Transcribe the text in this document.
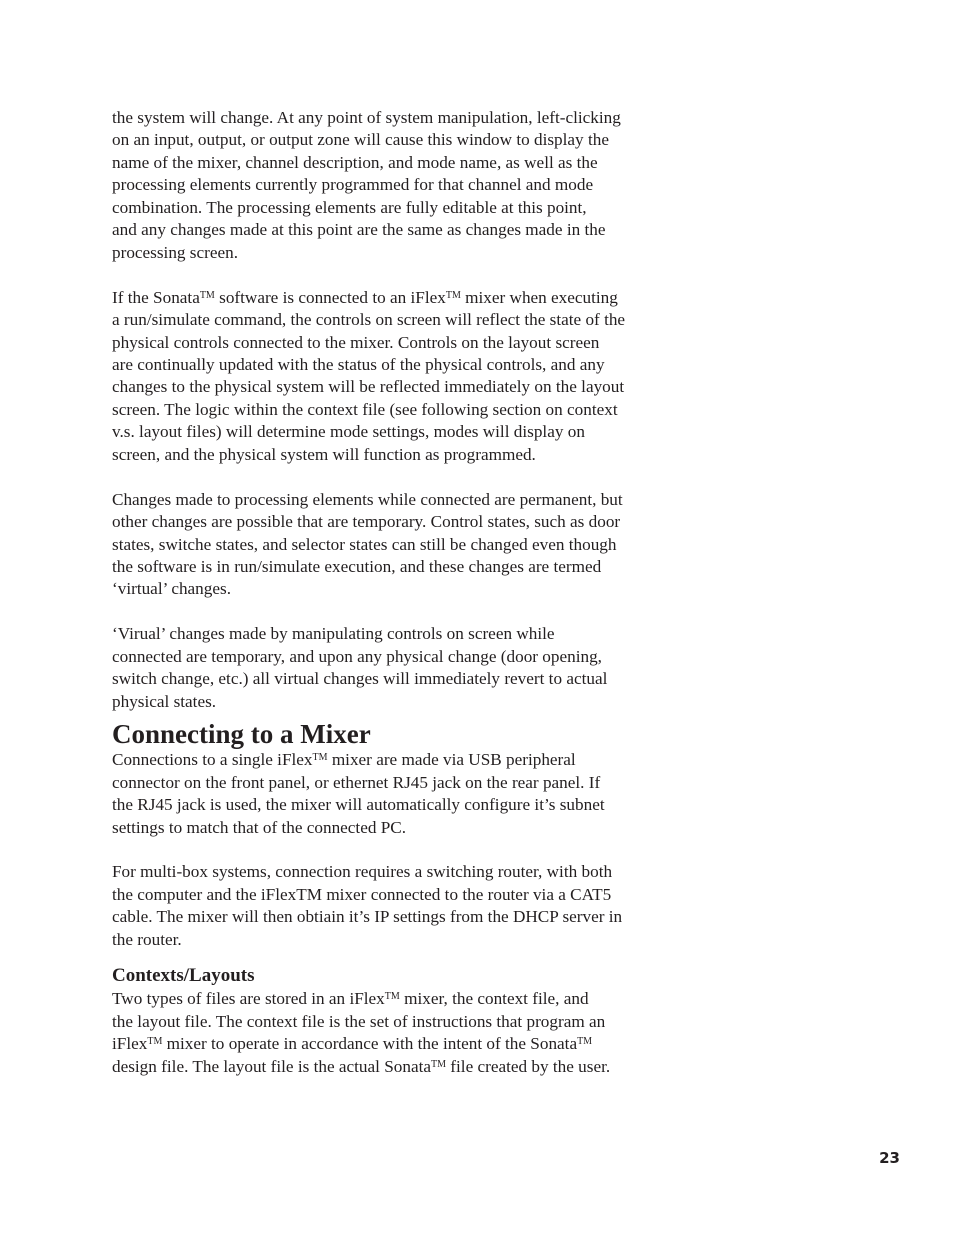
the system will change. At any point of system manipulation, left-clicking
on an input, output, or output zone will cause this window to display the
name of the mixer, channel description, and mode name, as well as the
processing elements currently programmed for that channel and mode
combination. The processing elements are fully editable at this point,
and any changes made at this point are the same as changes made in the
processing screen.
If the Sonata™ software is connected to an iFlex™ mixer when executing
a run/simulate command, the controls on screen will reflect the state of the
physical controls connected to the mixer. Controls on the layout screen
are continually updated with the status of the physical controls, and any
changes to the physical system will be reflected immediately on the layout
screen. The logic within the context file (see following section on context
v.s. layout files) will determine mode settings, modes will display on
screen, and the physical system will function as programmed.
Changes made to processing elements while connected are permanent, but
other changes are possible that are temporary. Control states, such as door
states, switche states, and selector states can still be changed even though
the software is in run/simulate execution, and these changes are termed
‘virtual’ changes.
‘Virual’ changes made by manipulating controls on screen while
connected are temporary, and upon any physical change (door opening,
switch change, etc.) all virtual changes will immediately revert to actual
physical states.
Connecting to a Mixer
Connections to a single iFlex™ mixer are made via USB peripheral
connector on the front panel, or ethernet RJ45 jack on the rear panel. If
the RJ45 jack is used, the mixer will automatically configure it’s subnet
settings to match that of the connected PC.
For multi-box systems, connection requires a switching router, with both
the computer and the iFlexTM mixer connected to the router via a CAT5
cable. The mixer will then obtiain it’s IP settings from the DHCP server in
the router.
Contexts/Layouts
Two types of files are stored in an iFlex™ mixer, the context file, and
the layout file. The context file is the set of instructions that program an
iFlex™ mixer to operate in accordance with the intent of the Sonata™
design file. The layout file is the actual Sonata™ file created by the user.
23
